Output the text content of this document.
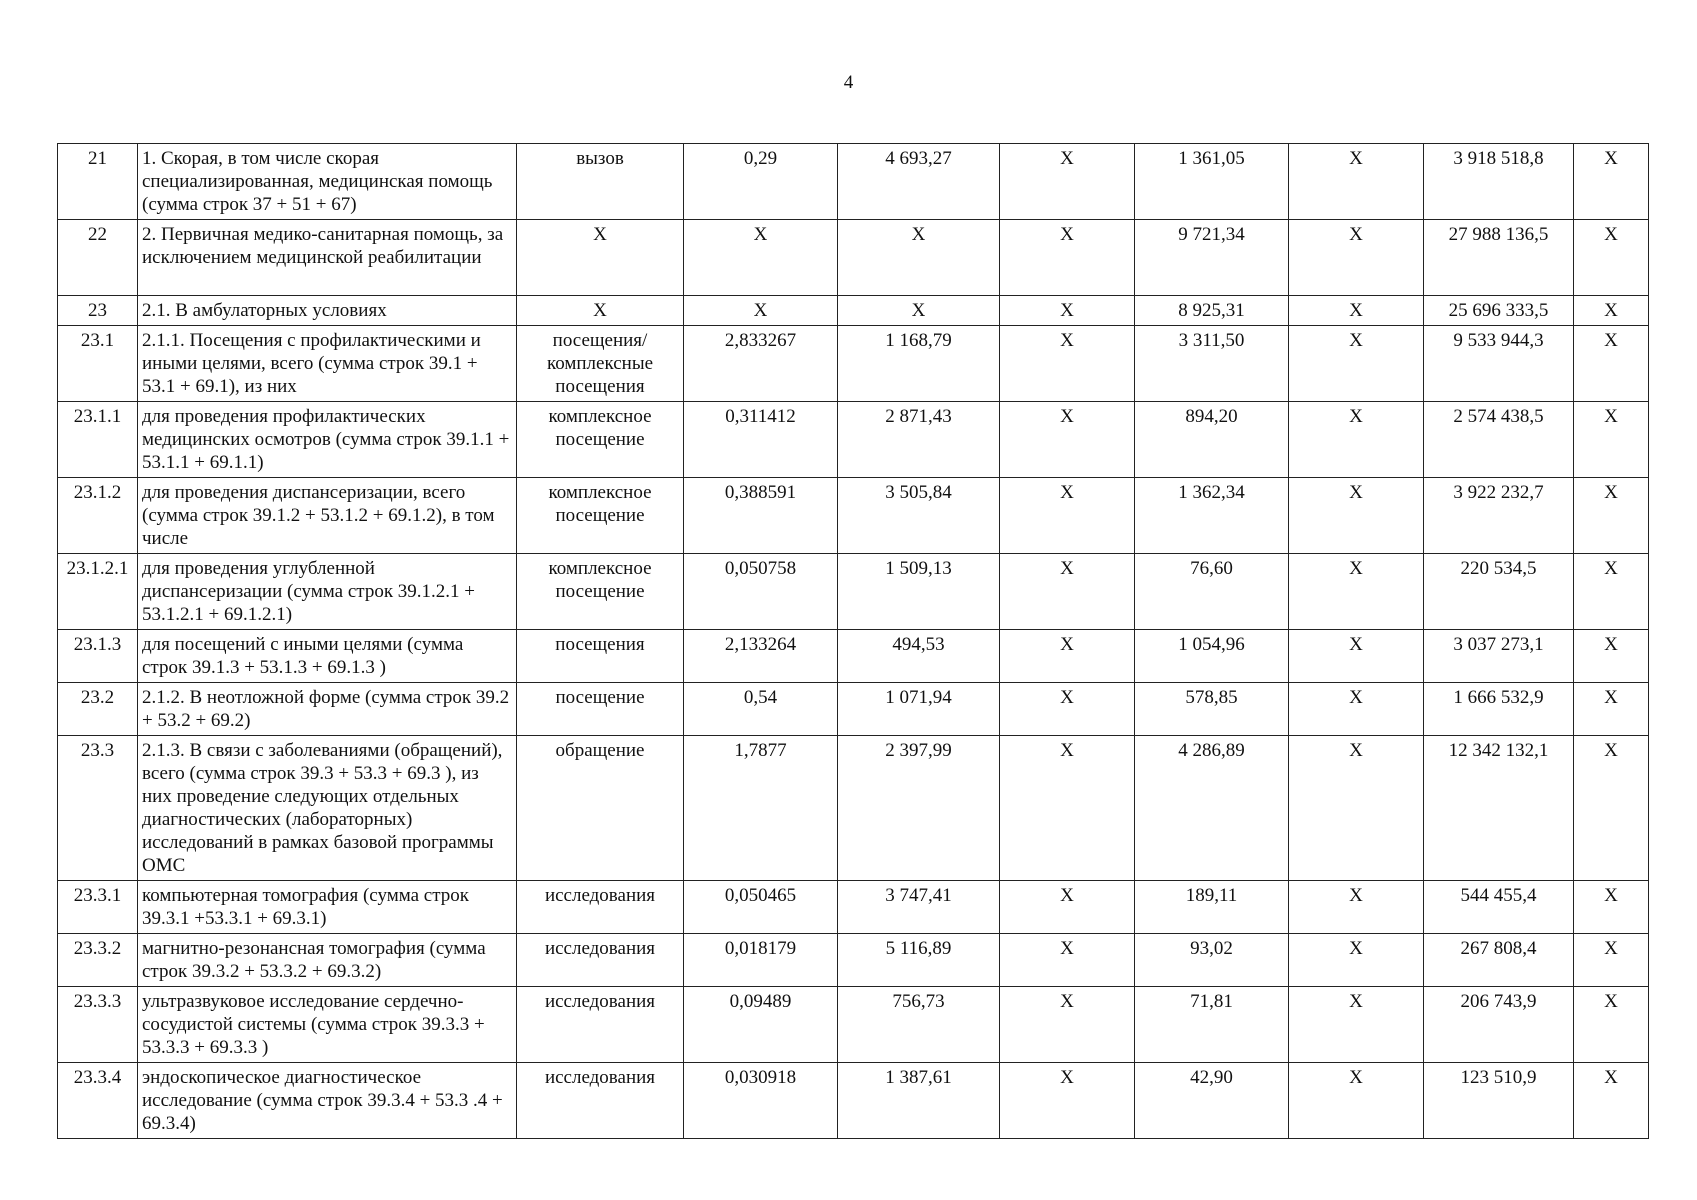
4
21	1. Скорая, в том числе скорая специализированная, медицинская помощь (сумма строк 37 + 51 + 67)	вызов	0,29	4 693,27	Х	1 361,05	Х	3 918 518,8	Х
22	2. Первичная медико-санитарная помощь, за исключением медицинской реабилитации	Х	Х	Х	Х	9 721,34	Х	27 988 136,5	Х
23	2.1. В амбулаторных условиях	Х	Х	Х	Х	8 925,31	Х	25 696 333,5	Х
23.1	2.1.1. Посещения с профилактическими и иными целями, всего (сумма строк 39.1 + 53.1 + 69.1), из них	посещения/комплексные посещения	2,833267	1 168,79	Х	3 311,50	Х	9 533 944,3	Х
23.1.1	для проведения профилактических медицинских осмотров (сумма строк 39.1.1 + 53.1.1 + 69.1.1)	комплексное посещение	0,311412	2 871,43	Х	894,20	Х	2 574 438,5	Х
23.1.2	для проведения диспансеризации, всего (сумма строк 39.1.2 + 53.1.2 + 69.1.2), в том числе	комплексное посещение	0,388591	3 505,84	Х	1 362,34	Х	3 922 232,7	Х
23.1.2.1	для проведения углубленной диспансеризации (сумма строк 39.1.2.1 + 53.1.2.1 + 69.1.2.1)	комплексное посещение	0,050758	1 509,13	Х	76,60	Х	220 534,5	Х
23.1.3	для посещений с иными целями (сумма строк 39.1.3 + 53.1.3 + 69.1.3 )	посещения	2,133264	494,53	Х	1 054,96	Х	3 037 273,1	Х
23.2	2.1.2. В неотложной форме (сумма строк 39.2 + 53.2 + 69.2)	посещение	0,54	1 071,94	Х	578,85	Х	1 666 532,9	Х
23.3	2.1.3. В связи с заболеваниями (обращений), всего (сумма строк 39.3 + 53.3 + 69.3 ), из них проведение следующих отдельных диагностических (лабораторных) исследований в рамках базовой программы ОМС	обращение	1,7877	2 397,99	Х	4 286,89	Х	12 342 132,1	Х
23.3.1	компьютерная томография (сумма строк 39.3.1 +53.3.1 + 69.3.1)	исследования	0,050465	3 747,41	Х	189,11	Х	544 455,4	Х
23.3.2	магнитно-резонансная томография (сумма строк 39.3.2 + 53.3.2 + 69.3.2)	исследования	0,018179	5 116,89	Х	93,02	Х	267 808,4	Х
23.3.3	ультразвуковое исследование сердечно-сосудистой системы (сумма строк 39.3.3 + 53.3.3 + 69.3.3 )	исследования	0,09489	756,73	Х	71,81	Х	206 743,9	Х
23.3.4	эндоскопическое диагностическое исследование (сумма строк 39.3.4 + 53.3 .4 + 69.3.4)	исследования	0,030918	1 387,61	Х	42,90	Х	123 510,9	Х
